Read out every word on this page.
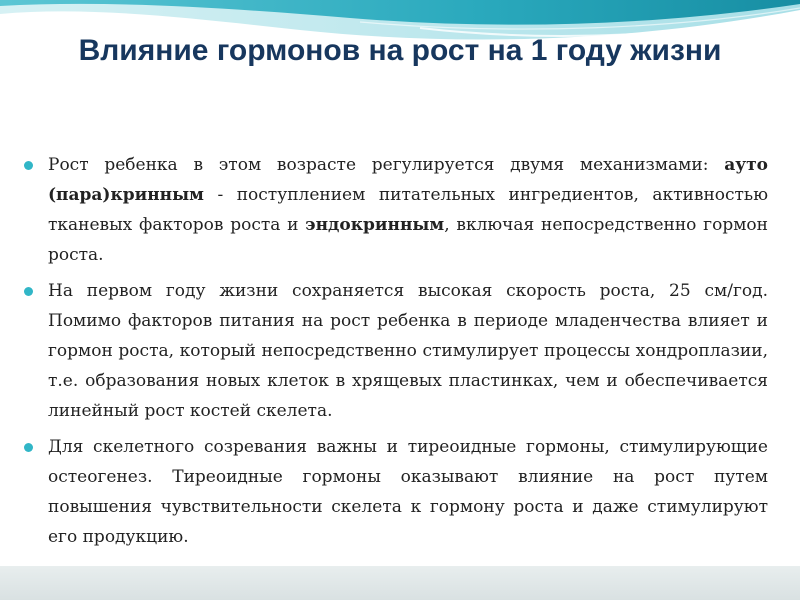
Влияние гормонов на рост на 1 году жизни
Рост ребенка в этом возрасте регулируется двумя механизмами: ауто (пара)кринным - поступлением питательных ингредиентов, активностью тканевых факторов роста и эндокринным, включая непосредственно гормон роста.
На первом году жизни сохраняется высокая скорость роста, 25 см/год. Помимо факторов питания на рост ребенка в периоде младенчества влияет и гормон роста, который непосредственно стимулирует процессы хондроплазии, т.е. образования новых клеток в хрящевых пластинках, чем и обеспечивается линейный рост костей скелета.
Для скелетного созревания важны и тиреоидные гормоны, стимулирующие остеогенез. Тиреоидные гормоны оказывают влияние на рост путем повышения чувствительности скелета к гормону роста и даже стимулируют его продукцию.
